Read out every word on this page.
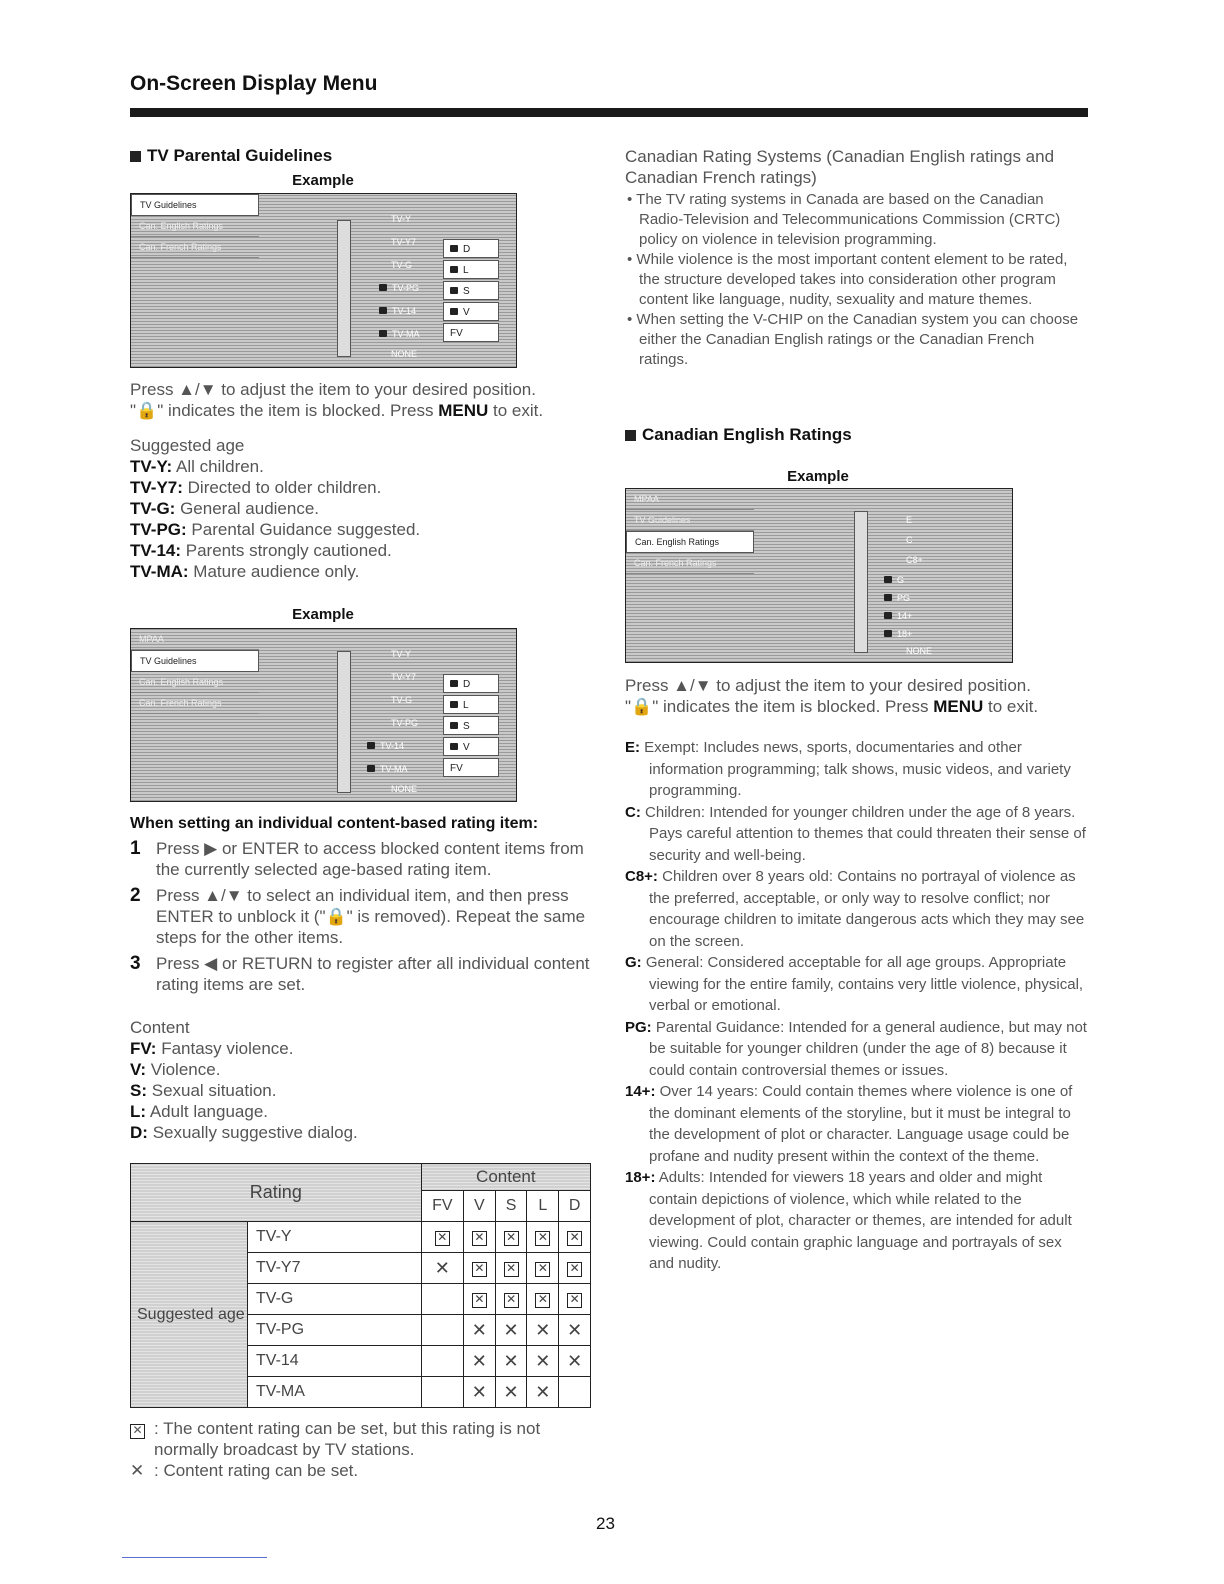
On-Screen Display Menu
TV Parental Guidelines
Example
TV Guidelines
Can. English Ratings
Can. French Ratings
TV-Y
TV-Y7
TV-G
TV-PG
TV-14
TV-MA
NONE
D
L
S
V
FV
Press ▲/▼ to adjust the item to your desired position.
"🔒" indicates the item is blocked. Press MENU to exit.
Suggested age
TV-Y: All children.
TV-Y7: Directed to older children.
TV-G: General audience.
TV-PG: Parental Guidance suggested.
TV-14: Parents strongly cautioned.
TV-MA: Mature audience only.
Example
MPAA
TV Guidelines
Can. English Ratings
Can. French Ratings
TV-Y
TV-Y7
TV-G
TV-PG
TV-14
TV-MA
NONE
D
L
S
V
FV
When setting an individual content-based rating item:
1 Press ▶ or ENTER to access blocked content items from the currently selected age-based rating item.
2 Press ▲/▼ to select an individual item, and then press ENTER to unblock it ("🔒" is removed). Repeat the same steps for the other items.
3 Press ◀ or RETURN to register after all individual content rating items are set.
Content
FV: Fantasy violence.
V: Violence.
S: Sexual situation.
L: Adult language.
D: Sexually suggestive dialog.
Rating		Content				
		FV	V	S	L	D
Suggested age	TV-Y	✕	✕	✕	✕	✕
	TV-Y7	✕	✕	✕	✕	✕
	TV-G		✕	✕	✕	✕
	TV-PG		✕	✕	✕	✕
	TV-14		✕	✕	✕	✕
	TV-MA		✕	✕	✕	
✕ : The content rating can be set, but this rating is not normally broadcast by TV stations.
✕ : Content rating can be set.
Canadian Rating Systems (Canadian English ratings and Canadian French ratings)
• The TV rating systems in Canada are based on the Canadian Radio-Television and Telecommunications Commission (CRTC) policy on violence in television programming.
• While violence is the most important content element to be rated, the structure developed takes into consideration other program content like language, nudity, sexuality and mature themes.
• When setting the V-CHIP on the Canadian system you can choose either the Canadian English ratings or the Canadian French ratings.
Canadian English Ratings
Example
MPAA
TV Guidelines
Can. English Ratings
Can. French Ratings
E
C
C8+
G
PG
14+
18+
NONE
Press ▲/▼ to adjust the item to your desired position.
"🔒" indicates the item is blocked. Press MENU to exit.
E: Exempt: Includes news, sports, documentaries and other information programming; talk shows, music videos, and variety programming.
C: Children: Intended for younger children under the age of 8 years. Pays careful attention to themes that could threaten their sense of security and well-being.
C8+: Children over 8 years old: Contains no portrayal of violence as the preferred, acceptable, or only way to resolve conflict; nor encourage children to imitate dangerous acts which they may see on the screen.
G: General: Considered acceptable for all age groups. Appropriate viewing for the entire family, contains very little violence, physical, verbal or emotional.
PG: Parental Guidance: Intended for a general audience, but may not be suitable for younger children (under the age of 8) because it could contain controversial themes or issues.
14+: Over 14 years: Could contain themes where violence is one of the dominant elements of the storyline, but it must be integral to the development of plot or character. Language usage could be profane and nudity present within the context of the theme.
18+: Adults: Intended for viewers 18 years and older and might contain depictions of violence, which while related to the development of plot, character or themes, are intended for adult viewing. Could contain graphic language and portrayals of sex and nudity.
23
